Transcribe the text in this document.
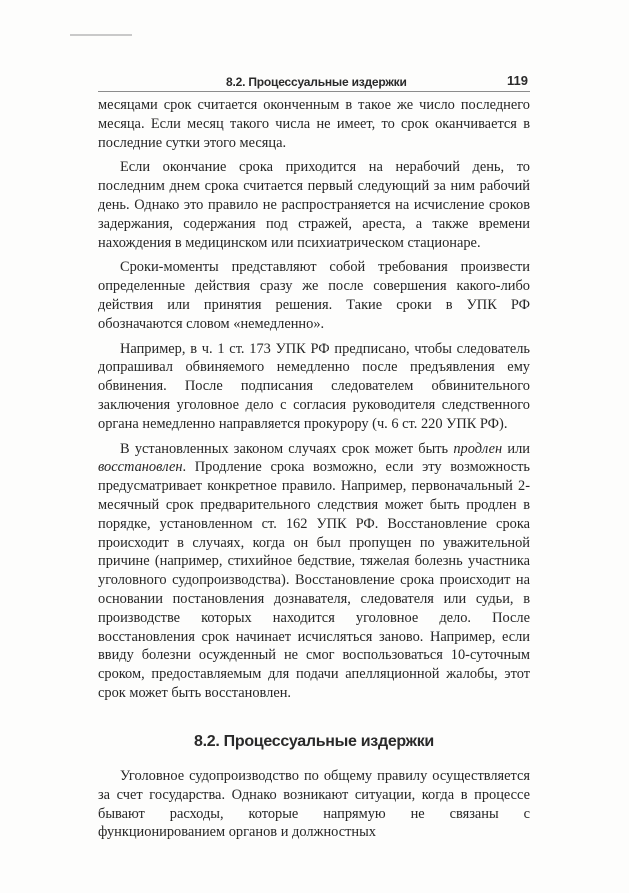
8.2. Процессуальные издержки	119

месяцами срок считается оконченным в такое же число последнего месяца. Если месяц такого числа не имеет, то срок оканчивается в последние сутки этого месяца.

Если окончание срока приходится на нерабочий день, то последним днем срока считается первый следующий за ним рабочий день. Однако это правило не распространяется на исчисление сроков задержания, содержания под стражей, ареста, а также времени нахождения в медицинском или психиатрическом стационаре.

Сроки-моменты представляют собой требования произвести определенные действия сразу же после совершения какого-либо действия или принятия решения. Такие сроки в УПК РФ обозначаются словом «немедленно».

Например, в ч. 1 ст. 173 УПК РФ предписано, чтобы следователь допрашивал обвиняемого немедленно после предъявления ему обвинения. После подписания следователем обвинительного заключения уголовное дело с согласия руководителя следственного органа немедленно направляется прокурору (ч. 6 ст. 220 УПК РФ).

В установленных законом случаях срок может быть продлен или восстановлен. Продление срока возможно, если эту возможность предусматривает конкретное правило. Например, первоначальный 2-месячный срок предварительного следствия может быть продлен в порядке, установленном ст. 162 УПК РФ. Восстановление срока происходит в случаях, когда он был пропущен по уважительной причине (например, стихийное бедствие, тяжелая болезнь участника уголовного судопроизводства). Восстановление срока происходит на основании постановления дознавателя, следователя или судьи, в производстве которых находится уголовное дело. После восстановления срок начинает исчисляться заново. Например, если ввиду болезни осужденный не смог воспользоваться 10-суточным сроком, предоставляемым для подачи апелляционной жалобы, этот срок может быть восстановлен.

8.2. Процессуальные издержки

Уголовное судопроизводство по общему правилу осуществляется за счет государства. Однако возникают ситуации, когда в процессе бывают расходы, которые напрямую не связаны с функционированием органов и должностных
